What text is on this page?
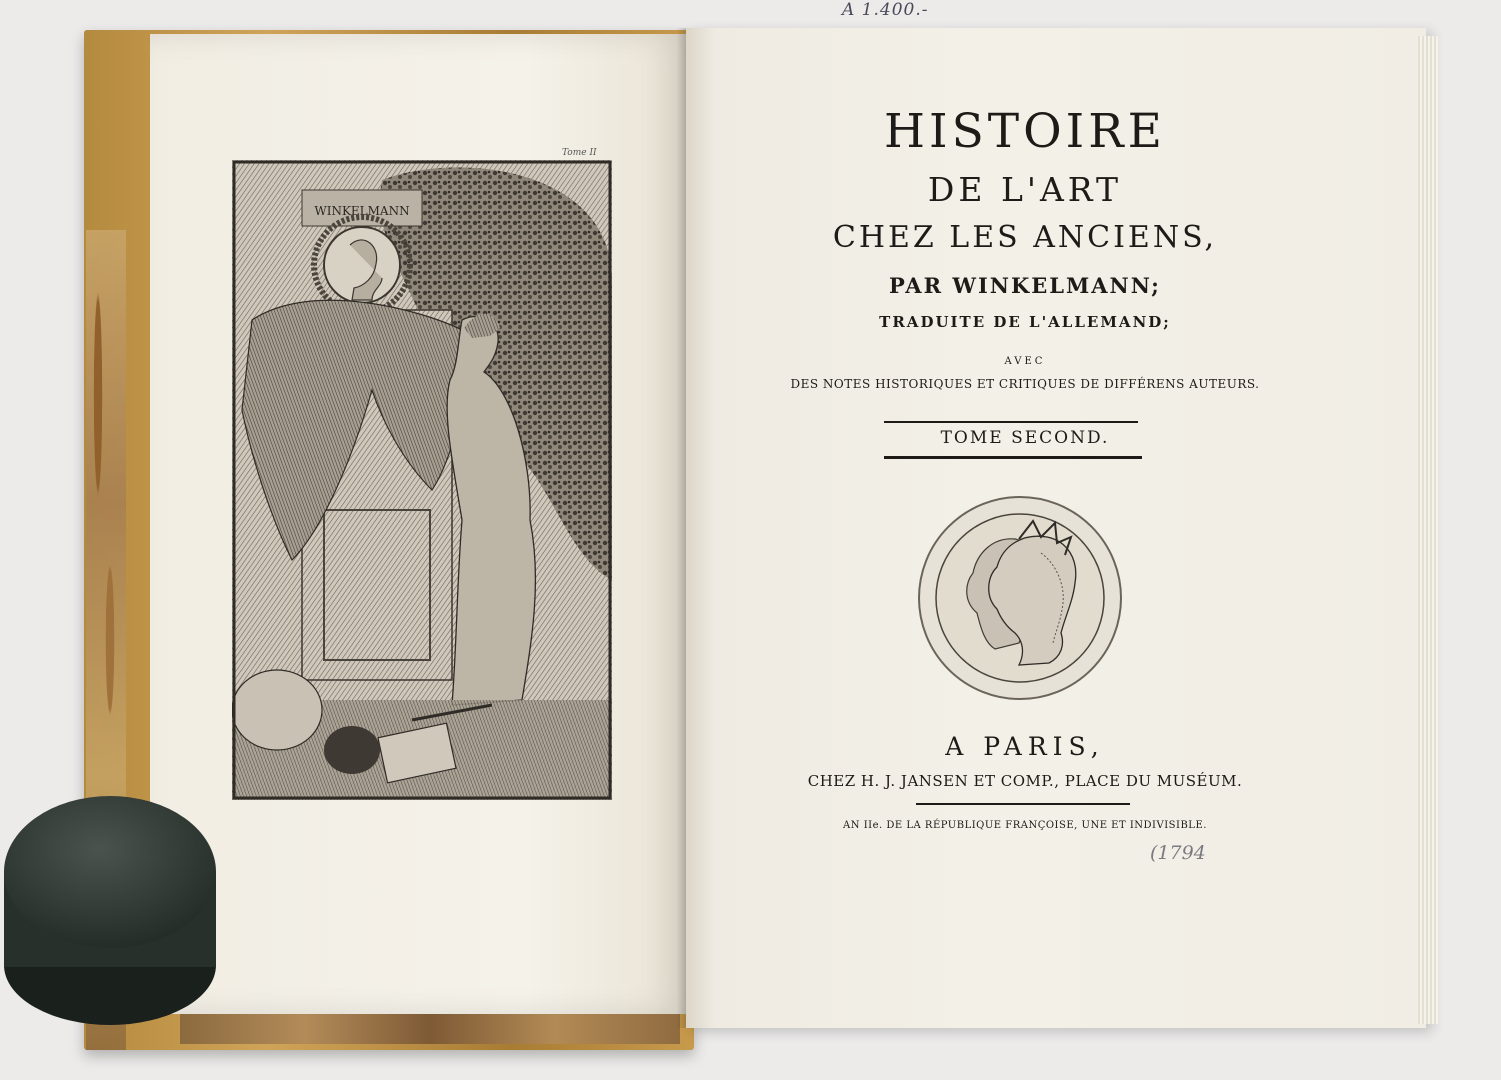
Tome II
WINKELMANN
A 1.400.-
HISTOIRE
DE L'ART
CHEZ LES ANCIENS,
PAR WINKELMANN;
TRADUITE DE L'ALLEMAND;
AVEC
DES NOTES HISTORIQUES ET CRITIQUES DE DIFFÉRENS AUTEURS.
TOME SECOND.
A PARIS,
CHEZ H. J. JANSEN ET COMP., PLACE DU MUSÉUM.
AN IIe. DE LA RÉPUBLIQUE FRANÇOISE, UNE ET INDIVISIBLE.
(1794
